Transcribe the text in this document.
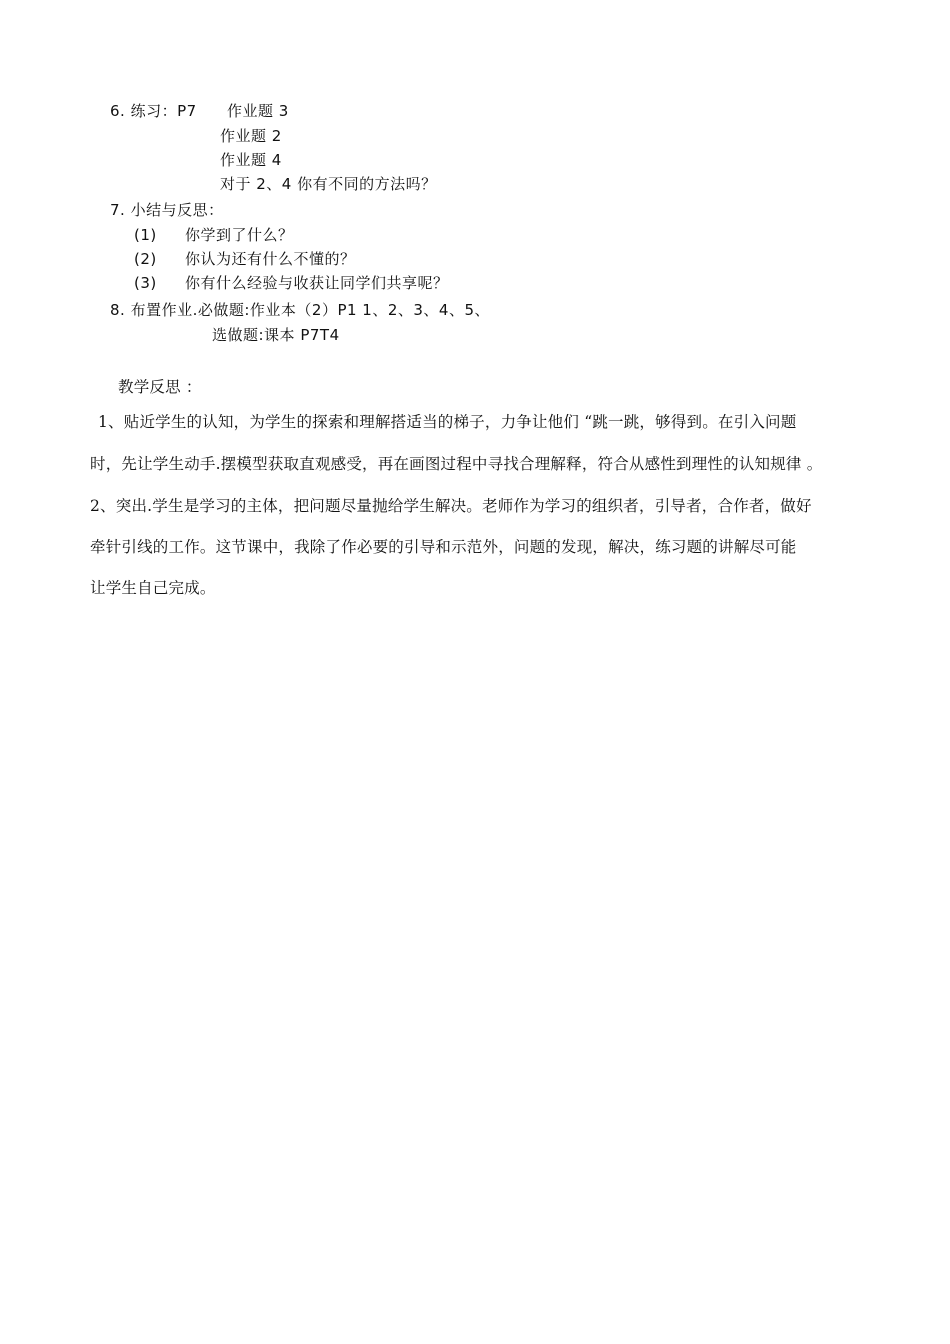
6. 练习：P7 作业题 3
作业题 2
作业题 4
对于 2、4 你有不同的方法吗？
7. 小结与反思：
(1) 你学到了什么？
(2) 你认为还有什么不懂的？
(3) 你有什么经验与收获让同学们共享呢？
8. 布置作业.必做题:作业本（2）P1 1、2、3、4、5、
选做题:课本 P7T4
教学反思 ：
1、贴近学生的认知，为学生的探索和理解搭适当的梯子，力争让他们 “跳一跳，够得到。在引入问题
时，先让学生动手.摆模型获取直观感受，再在画图过程中寻找合理解释，符合从感性到理性的认知规律 。
2、突出.学生是学习的主体，把问题尽量抛给学生解决。老师作为学习的组织者，引导者，合作者，做好
牵针引线的工作。这节课中，我除了作必要的引导和示范外，问题的发现，解决，练习题的讲解尽可能
让学生自己完成。
